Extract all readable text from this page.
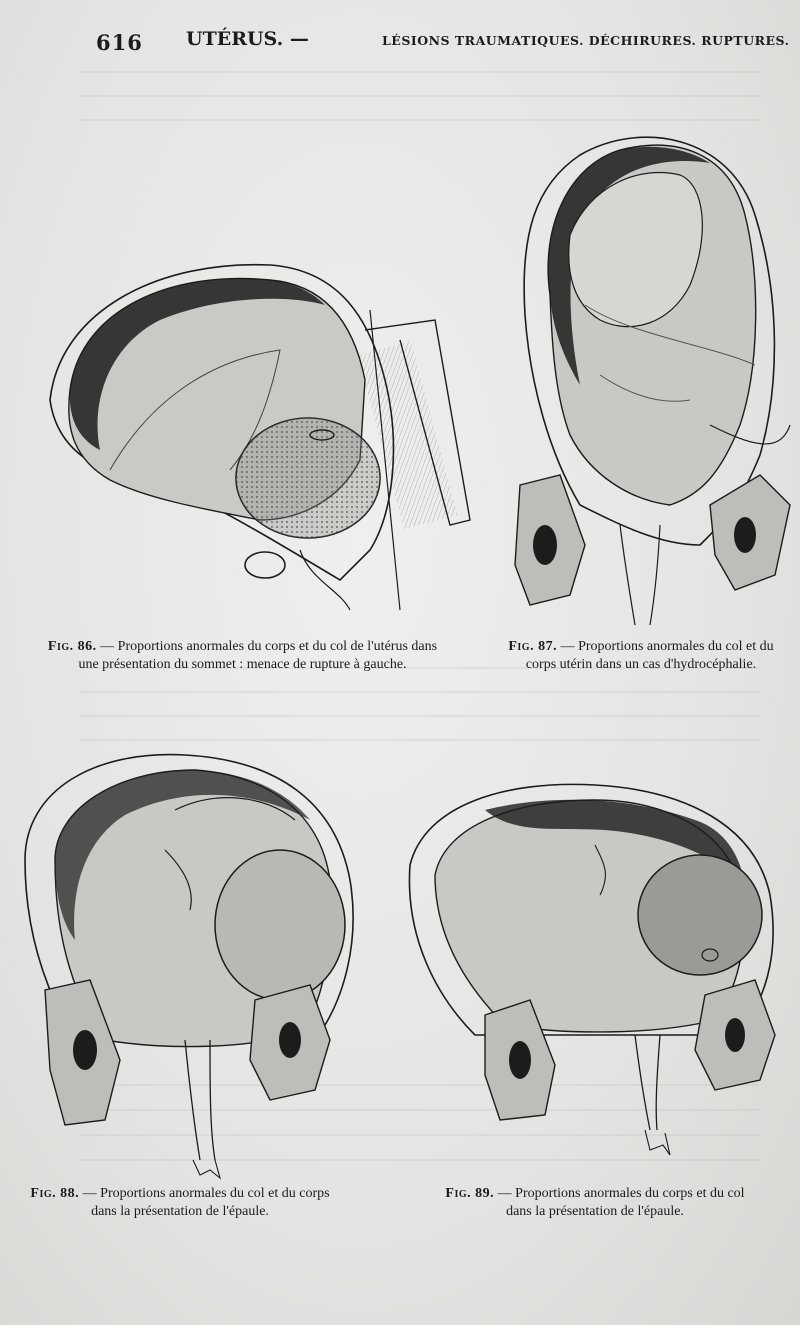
616 UTÉRUS. —	LÉSIONS TRAUMATIQUES. DÉCHIRURES. RUPTURES.
Fig. 86. — Proportions anormales du corps et du col de l'utérus dans
une présentation du sommet : menace de rupture à gauche.
Fig. 87. — Proportions anormales du col et du
corps utérin dans un cas d'hydrocéphalie.
Fig. 88. — Proportions anormales du col et du corps
dans la présentation de l'épaule.
Fig. 89. — Proportions anormales du corps et du col
dans la présentation de l'épaule.
